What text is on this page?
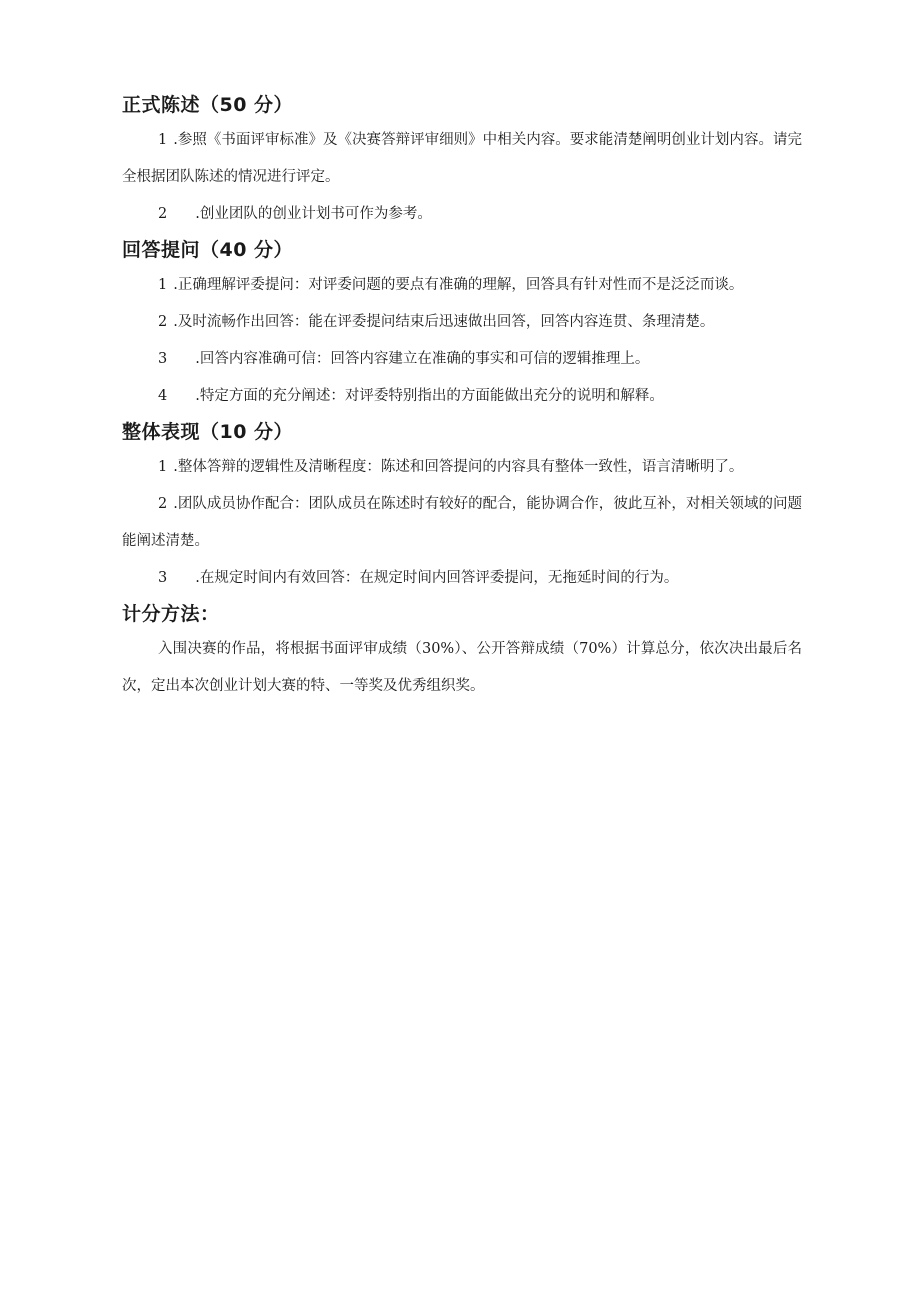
正式陈述（50 分）

1 .参照《书面评审标准》及《决赛答辩评审细则》中相关内容。要求能清楚阐明创业计划内容。请完全根据团队陈述的情况进行评定。

2 .创业团队的创业计划书可作为参考。

回答提问（40 分）

1 .正确理解评委提问：对评委问题的要点有准确的理解，回答具有针对性而不是泛泛而谈。

2 .及时流畅作出回答：能在评委提问结束后迅速做出回答，回答内容连贯、条理清楚。

3 .回答内容准确可信：回答内容建立在准确的事实和可信的逻辑推理上。

4 .特定方面的充分阐述：对评委特别指出的方面能做出充分的说明和解释。

整体表现（10 分）

1 .整体答辩的逻辑性及清晰程度：陈述和回答提问的内容具有整体一致性，语言清晰明了。

2 .团队成员协作配合：团队成员在陈述时有较好的配合，能协调合作，彼此互补，对相关领域的问题能阐述清楚。

3 .在规定时间内有效回答：在规定时间内回答评委提问，无拖延时间的行为。

计分方法：

入围决赛的作品，将根据书面评审成绩（30%）、公开答辩成绩（70%）计算总分，依次决出最后名次，定出本次创业计划大赛的特、一等奖及优秀组织奖。
